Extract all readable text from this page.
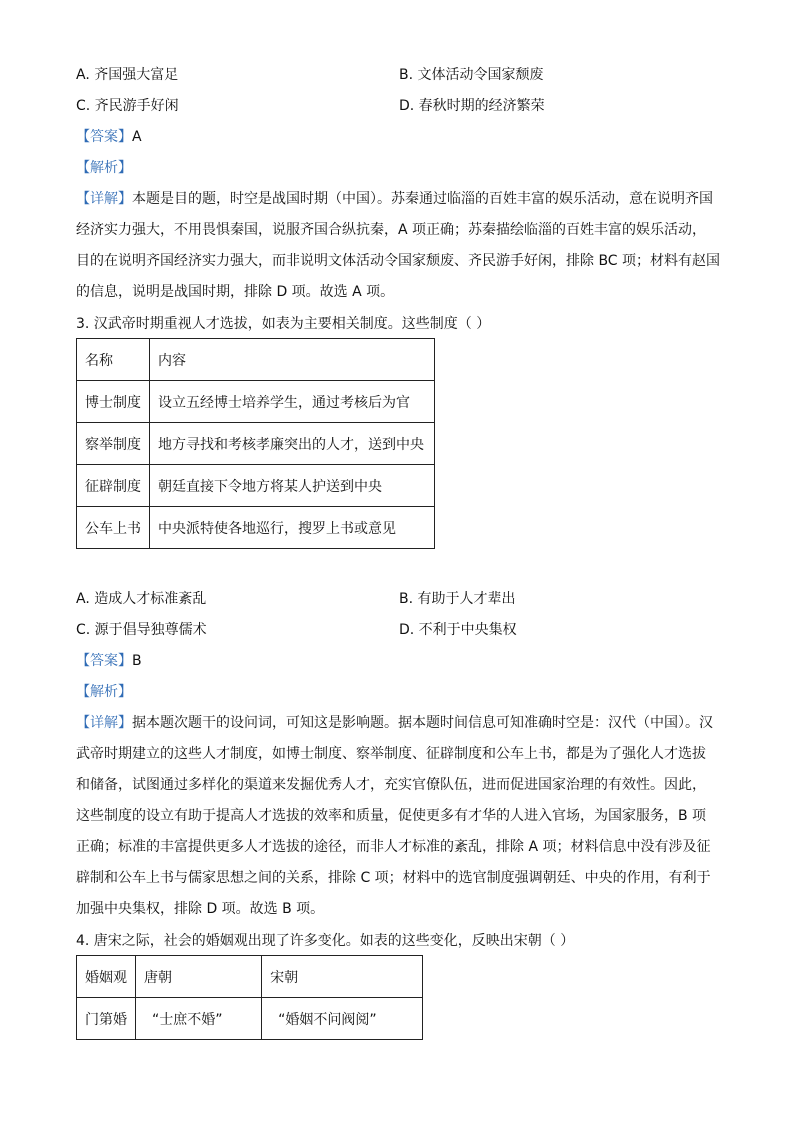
A. 齐国强大富足	B. 文体活动令国家颓废
C. 齐民游手好闲	D. 春秋时期的经济繁荣
【答案】A
【解析】
【详解】本题是目的题，时空是战国时期（中国）。苏秦通过临淄的百姓丰富的娱乐活动，意在说明齐国
经济实力强大，不用畏惧秦国，说服齐国合纵抗秦，A 项正确；苏秦描绘临淄的百姓丰富的娱乐活动，
目的在说明齐国经济实力强大，而非说明文体活动令国家颓废、齐民游手好闲，排除 BC 项；材料有赵国
的信息，说明是战国时期，排除 D 项。故选 A 项。
3. 汉武帝时期重视人才选拔，如表为主要相关制度。这些制度（ ）
名称	内容
博士制度	设立五经博士培养学生，通过考核后为官
察举制度	地方寻找和考核孝廉突出的人才，送到中央
征辟制度	朝廷直接下令地方将某人护送到中央
公车上书	中央派特使各地巡行，搜罗上书或意见
A. 造成人才标准紊乱	B. 有助于人才辈出
C. 源于倡导独尊儒术	D. 不利于中央集权
【答案】B
【解析】
【详解】据本题次题干的设问词，可知这是影响题。据本题时间信息可知准确时空是：汉代（中国）。汉
武帝时期建立的这些人才制度，如博士制度、察举制度、征辟制度和公车上书，都是为了强化人才选拔
和储备，试图通过多样化的渠道来发掘优秀人才，充实官僚队伍，进而促进国家治理的有效性。因此，
这些制度的设立有助于提高人才选拔的效率和质量，促使更多有才华的人进入官场，为国家服务，B 项
正确；标准的丰富提供更多人才选拔的途径，而非人才标准的紊乱，排除 A 项；材料信息中没有涉及征
辟制和公车上书与儒家思想之间的关系，排除 C 项；材料中的选官制度强调朝廷、中央的作用，有利于
加强中央集权，排除 D 项。故选 B 项。
4. 唐宋之际，社会的婚姻观出现了许多变化。如表的这些变化，反映出宋朝（ ）
婚姻观	唐朝	宋朝
门第婚	“士庶不婚”	“婚姻不问阀阅”
